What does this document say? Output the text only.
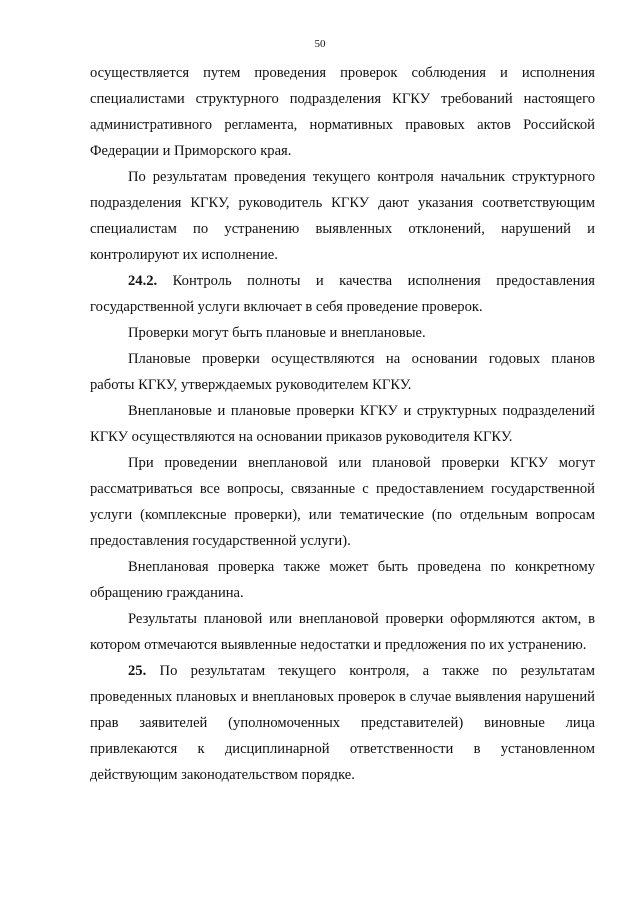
50

осуществляется путем проведения проверок соблюдения и исполнения специалистами структурного подразделения КГКУ требований настоящего административного регламента, нормативных правовых актов Российской Федерации и Приморского края.

По результатам проведения текущего контроля начальник структурного подразделения КГКУ, руководитель КГКУ дают указания соответствующим специалистам по устранению выявленных отклонений, нарушений и контролируют их исполнение.

24.2. Контроль полноты и качества исполнения предоставления государственной услуги включает в себя проведение проверок.

Проверки могут быть плановые и внеплановые.

Плановые проверки осуществляются на основании годовых планов работы КГКУ, утверждаемых руководителем КГКУ.

Внеплановые и плановые проверки КГКУ и структурных подразделений КГКУ осуществляются на основании приказов руководителя КГКУ.

При проведении внеплановой или плановой проверки КГКУ могут рассматриваться все вопросы, связанные с предоставлением государственной услуги (комплексные проверки), или тематические (по отдельным вопросам предоставления государственной услуги).

Внеплановая проверка также может быть проведена по конкретному обращению гражданина.

Результаты плановой или внеплановой проверки оформляются актом, в котором отмечаются выявленные недостатки и предложения по их устранению.

25. По результатам текущего контроля, а также по результатам проведенных плановых и внеплановых проверок в случае выявления нарушений прав заявителей (уполномоченных представителей) виновные лица привлекаются к дисциплинарной ответственности в установленном действующим законодательством порядке.
